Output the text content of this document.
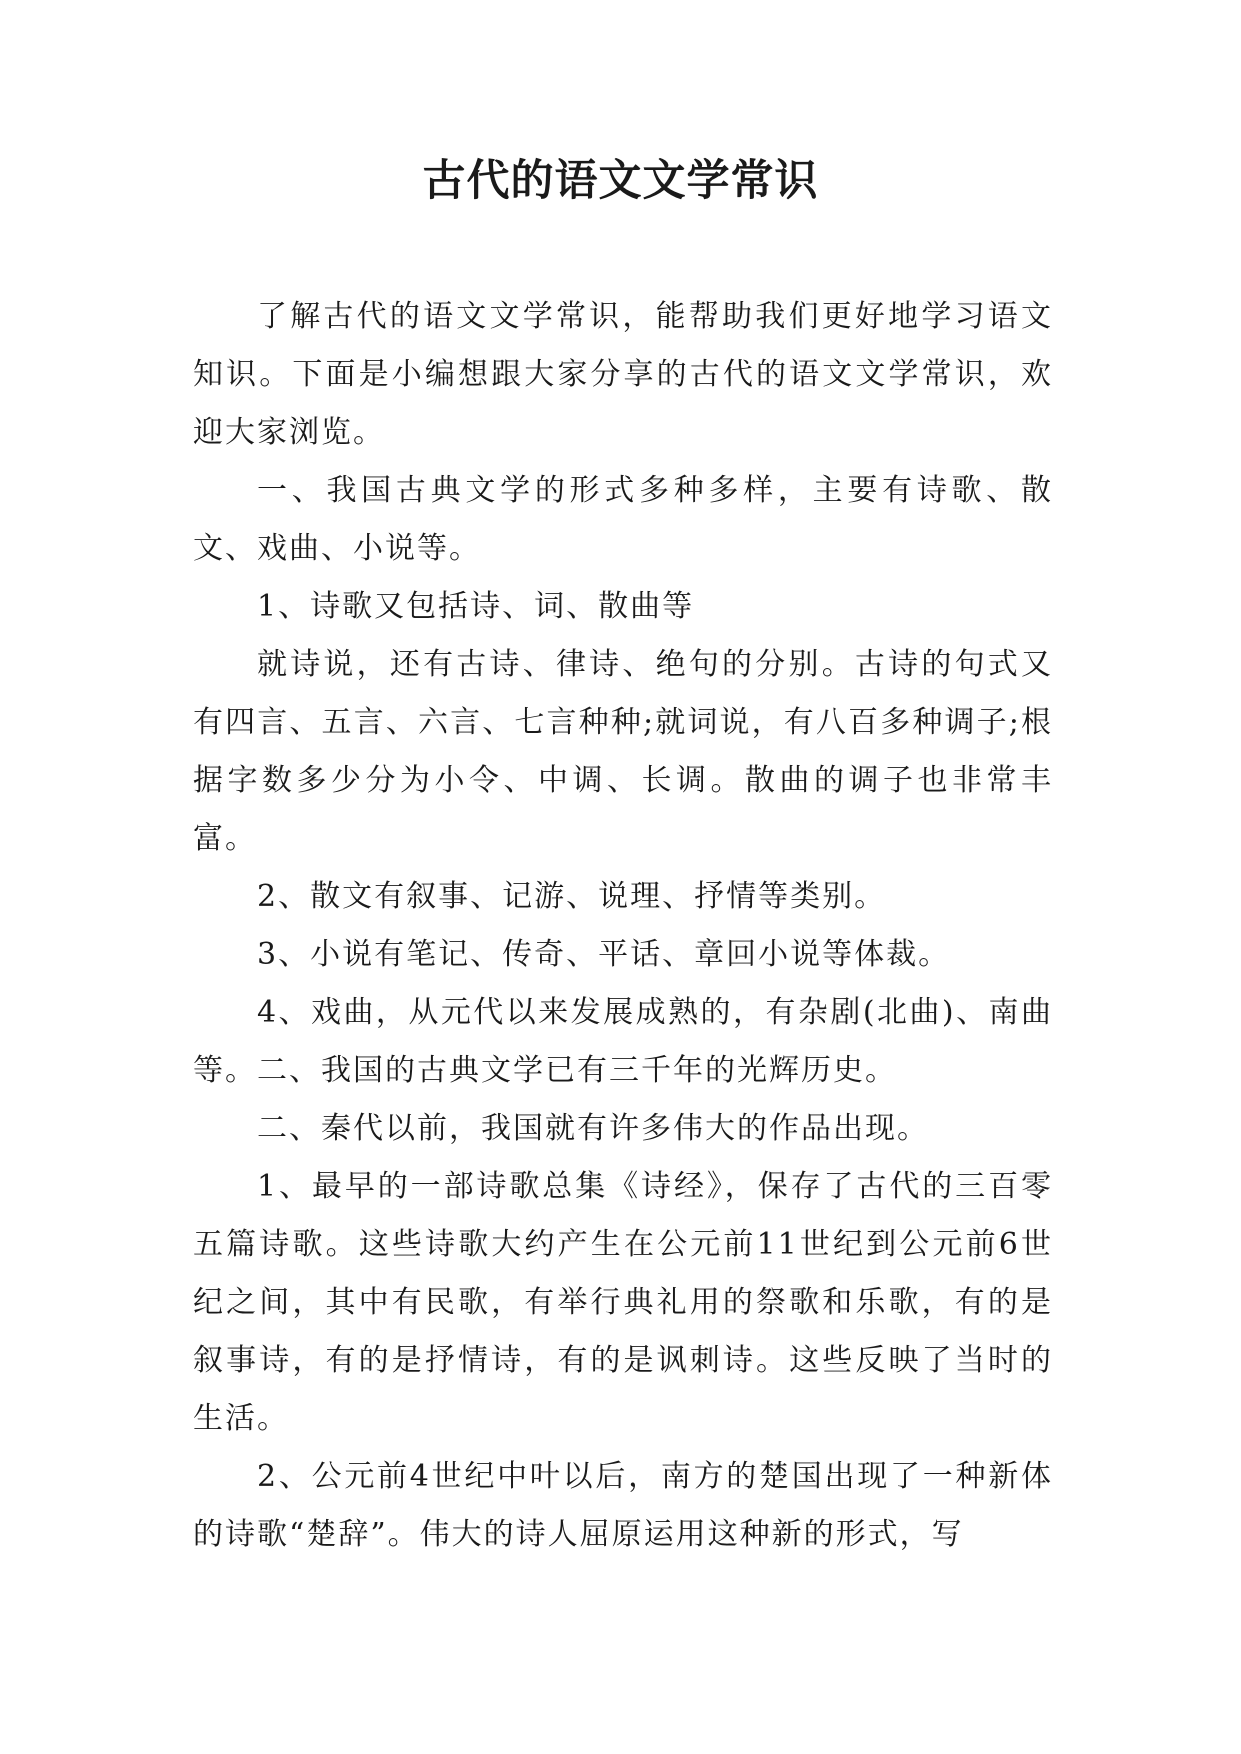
古代的语文文学常识

了解古代的语文文学常识，能帮助我们更好地学习语文知识。下面是小编想跟大家分享的古代的语文文学常识，欢迎大家浏览。

一、我国古典文学的形式多种多样，主要有诗歌、散文、戏曲、小说等。

1、诗歌又包括诗、词、散曲等

就诗说，还有古诗、律诗、绝句的分别。古诗的句式又有四言、五言、六言、七言种种;就词说，有八百多种调子;根据字数多少分为小令、中调、长调。散曲的调子也非常丰富。

2、散文有叙事、记游、说理、抒情等类别。

3、小说有笔记、传奇、平话、章回小说等体裁。

4、戏曲，从元代以来发展成熟的，有杂剧(北曲)、南曲等。二、我国的古典文学已有三千年的光辉历史。

二、秦代以前，我国就有许多伟大的作品出现。

1、最早的一部诗歌总集《诗经》，保存了古代的三百零五篇诗歌。这些诗歌大约产生在公元前11世纪到公元前6世纪之间，其中有民歌，有举行典礼用的祭歌和乐歌，有的是叙事诗，有的是抒情诗，有的是讽刺诗。这些反映了当时的生活。

2、公元前4世纪中叶以后，南方的楚国出现了一种新体的诗歌“楚辞”。伟大的诗人屈原运用这种新的形式，写
